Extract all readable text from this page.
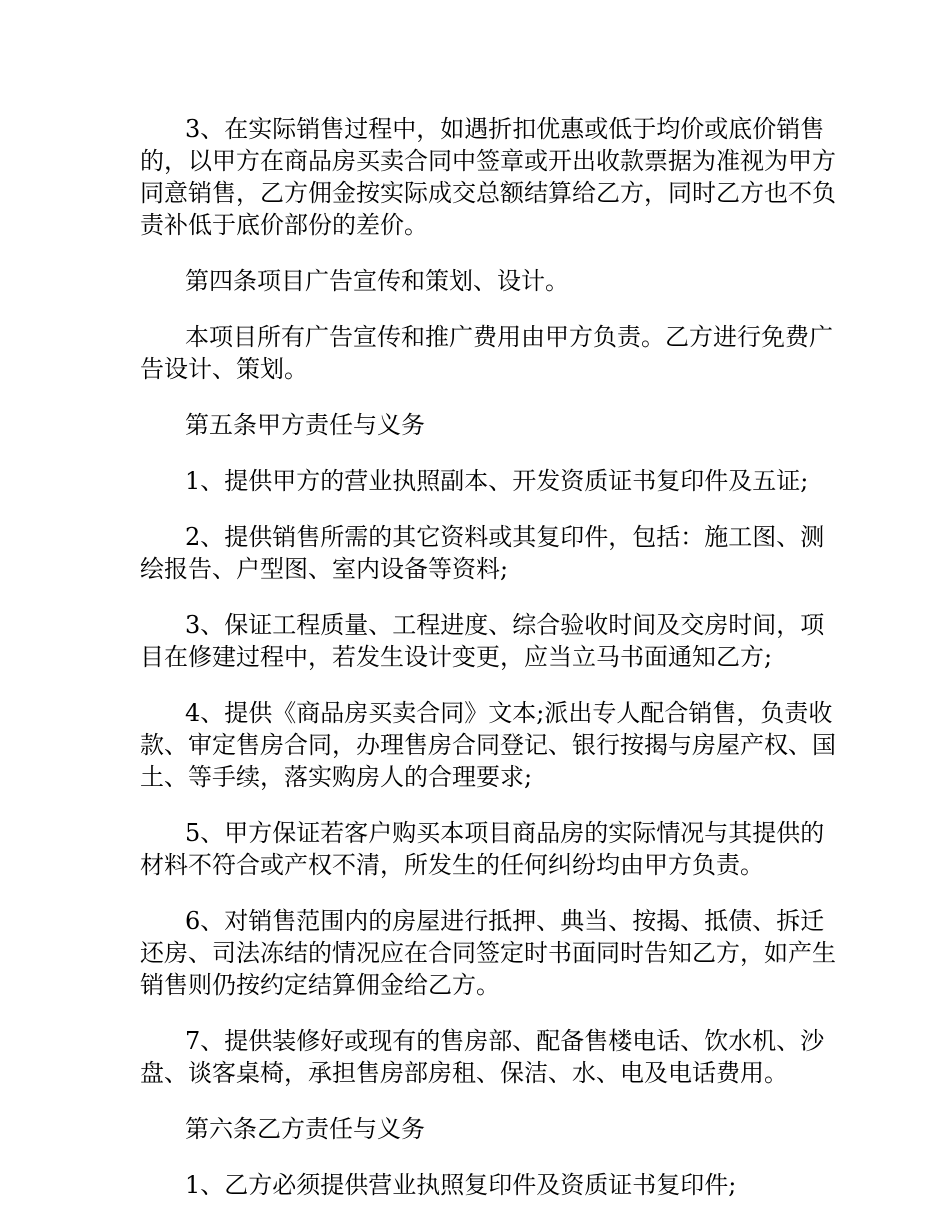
3、在实际销售过程中，如遇折扣优惠或低于均价或底价销售的，以甲方在商品房买卖合同中签章或开出收款票据为准视为甲方同意销售，乙方佣金按实际成交总额结算给乙方，同时乙方也不负责补低于底价部份的差价。

第四条项目广告宣传和策划、设计。

本项目所有广告宣传和推广费用由甲方负责。乙方进行免费广告设计、策划。

第五条甲方责任与义务

1、提供甲方的营业执照副本、开发资质证书复印件及五证;

2、提供销售所需的其它资料或其复印件，包括：施工图、测绘报告、户型图、室内设备等资料;

3、保证工程质量、工程进度、综合验收时间及交房时间，项目在修建过程中，若发生设计变更，应当立马书面通知乙方;

4、提供《商品房买卖合同》文本;派出专人配合销售，负责收款、审定售房合同，办理售房合同登记、银行按揭与房屋产权、国土、等手续，落实购房人的合理要求;

5、甲方保证若客户购买本项目商品房的实际情况与其提供的材料不符合或产权不清，所发生的任何纠纷均由甲方负责。

6、对销售范围内的房屋进行抵押、典当、按揭、抵债、拆迁还房、司法冻结的情况应在合同签定时书面同时告知乙方，如产生销售则仍按约定结算佣金给乙方。

7、提供装修好或现有的售房部、配备售楼电话、饮水机、沙盘、谈客桌椅，承担售房部房租、保洁、水、电及电话费用。

第六条乙方责任与义务

1、乙方必须提供营业执照复印件及资质证书复印件;
